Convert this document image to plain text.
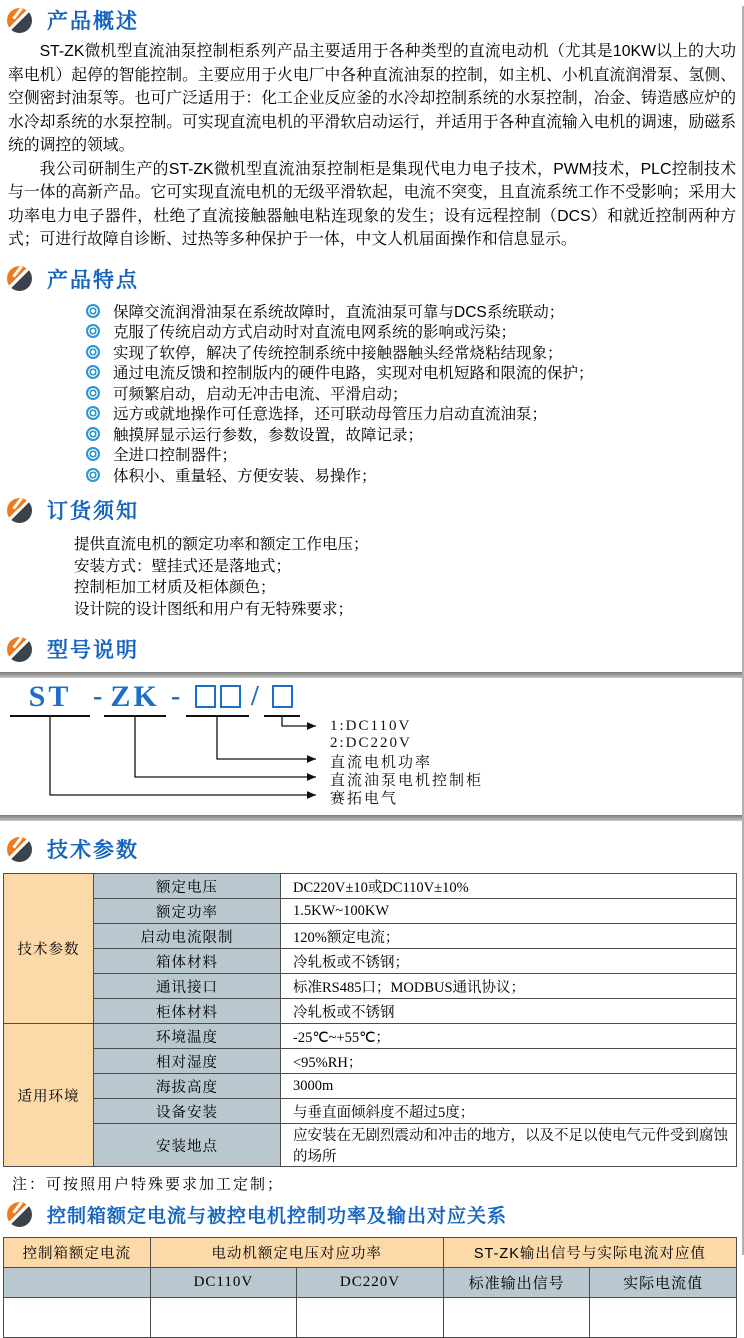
产品概述

ST-ZK微机型直流油泵控制柜系列产品主要适用于各种类型的直流电动机（尤其是10KW以上的大功率电机）起停的智能控制。主要应用于火电厂中各种直流油泵的控制，如主机、小机直流润滑泵、氢侧、空侧密封油泵等。也可广泛适用于：化工企业反应釜的水冷却控制系统的水泵控制，冶金、铸造感应炉的水冷却系统的水泵控制。可实现直流电机的平滑软启动运行，并适用于各种直流输入电机的调速，励磁系统的调控的领域。

我公司研制生产的ST-ZK微机型直流油泵控制柜是集现代电力电子技术，PWM技术，PLC控制技术与一体的高新产品。它可实现直流电机的无级平滑软起，电流不突变，且直流系统工作不受影响；采用大功率电力电子器件，杜绝了直流接触器触电粘连现象的发生；设有远程控制（DCS）和就近控制两种方式；可进行故障自诊断、过热等多种保护于一体，中文人机届面操作和信息显示。

产品特点
保障交流润滑油泵在系统故障时，直流油泵可靠与DCS系统联动；
克服了传统启动方式启动时对直流电网系统的影响或污染；
实现了软停，解决了传统控制系统中接触器触头经常烧粘结现象；
通过电流反馈和控制版内的硬件电路，实现对电机短路和限流的保护；
可频繁启动，启动无冲击电流、平滑启动；
远方或就地操作可任意选择，还可联动母管压力启动直流油泵；
触摸屏显示运行参数，参数设置，故障记录；
全进口控制器件；
体积小、重量轻、方便安装、易操作；
订货须知
提供直流电机的额定功率和额定工作电压；
安装方式：壁挂式还是落地式；
控制柜加工材质及柜体颜色；
设计院的设计图纸和用户有无特殊要求；
型号说明
ST - ZK -	/
1:DC110V
2:DC220V
直流电机功率
直流油泵电机控制柜
赛拓电气
技术参数
技术参数	额定电压	DC220V±10或DC110V±10%
	额定功率	1.5KW~100KW
	启动电流限制	120%额定电流；
	箱体材料	冷轧板或不锈钢；
	通讯接口	标准RS485口；MODBUS通讯协议；
	柜体材料	冷轧板或不锈钢
适用环境	环境温度	-25℃~+55℃；
	相对湿度	<95%RH；
	海拔高度	3000m
	设备安装	与垂直面倾斜度不超过5度；
	安装地点	应安装在无剧烈震动和冲击的地方，以及不足以使电气元件受到腐蚀的场所
注：可按照用户特殊要求加工定制；
控制箱额定电流与被控电机控制功率及输出对应关系
控制箱额定电流	电动机额定电压对应功率		ST-ZK输出信号与实际电流对应值	
	DC110V	DC220V	标准输出信号	实际电流值
